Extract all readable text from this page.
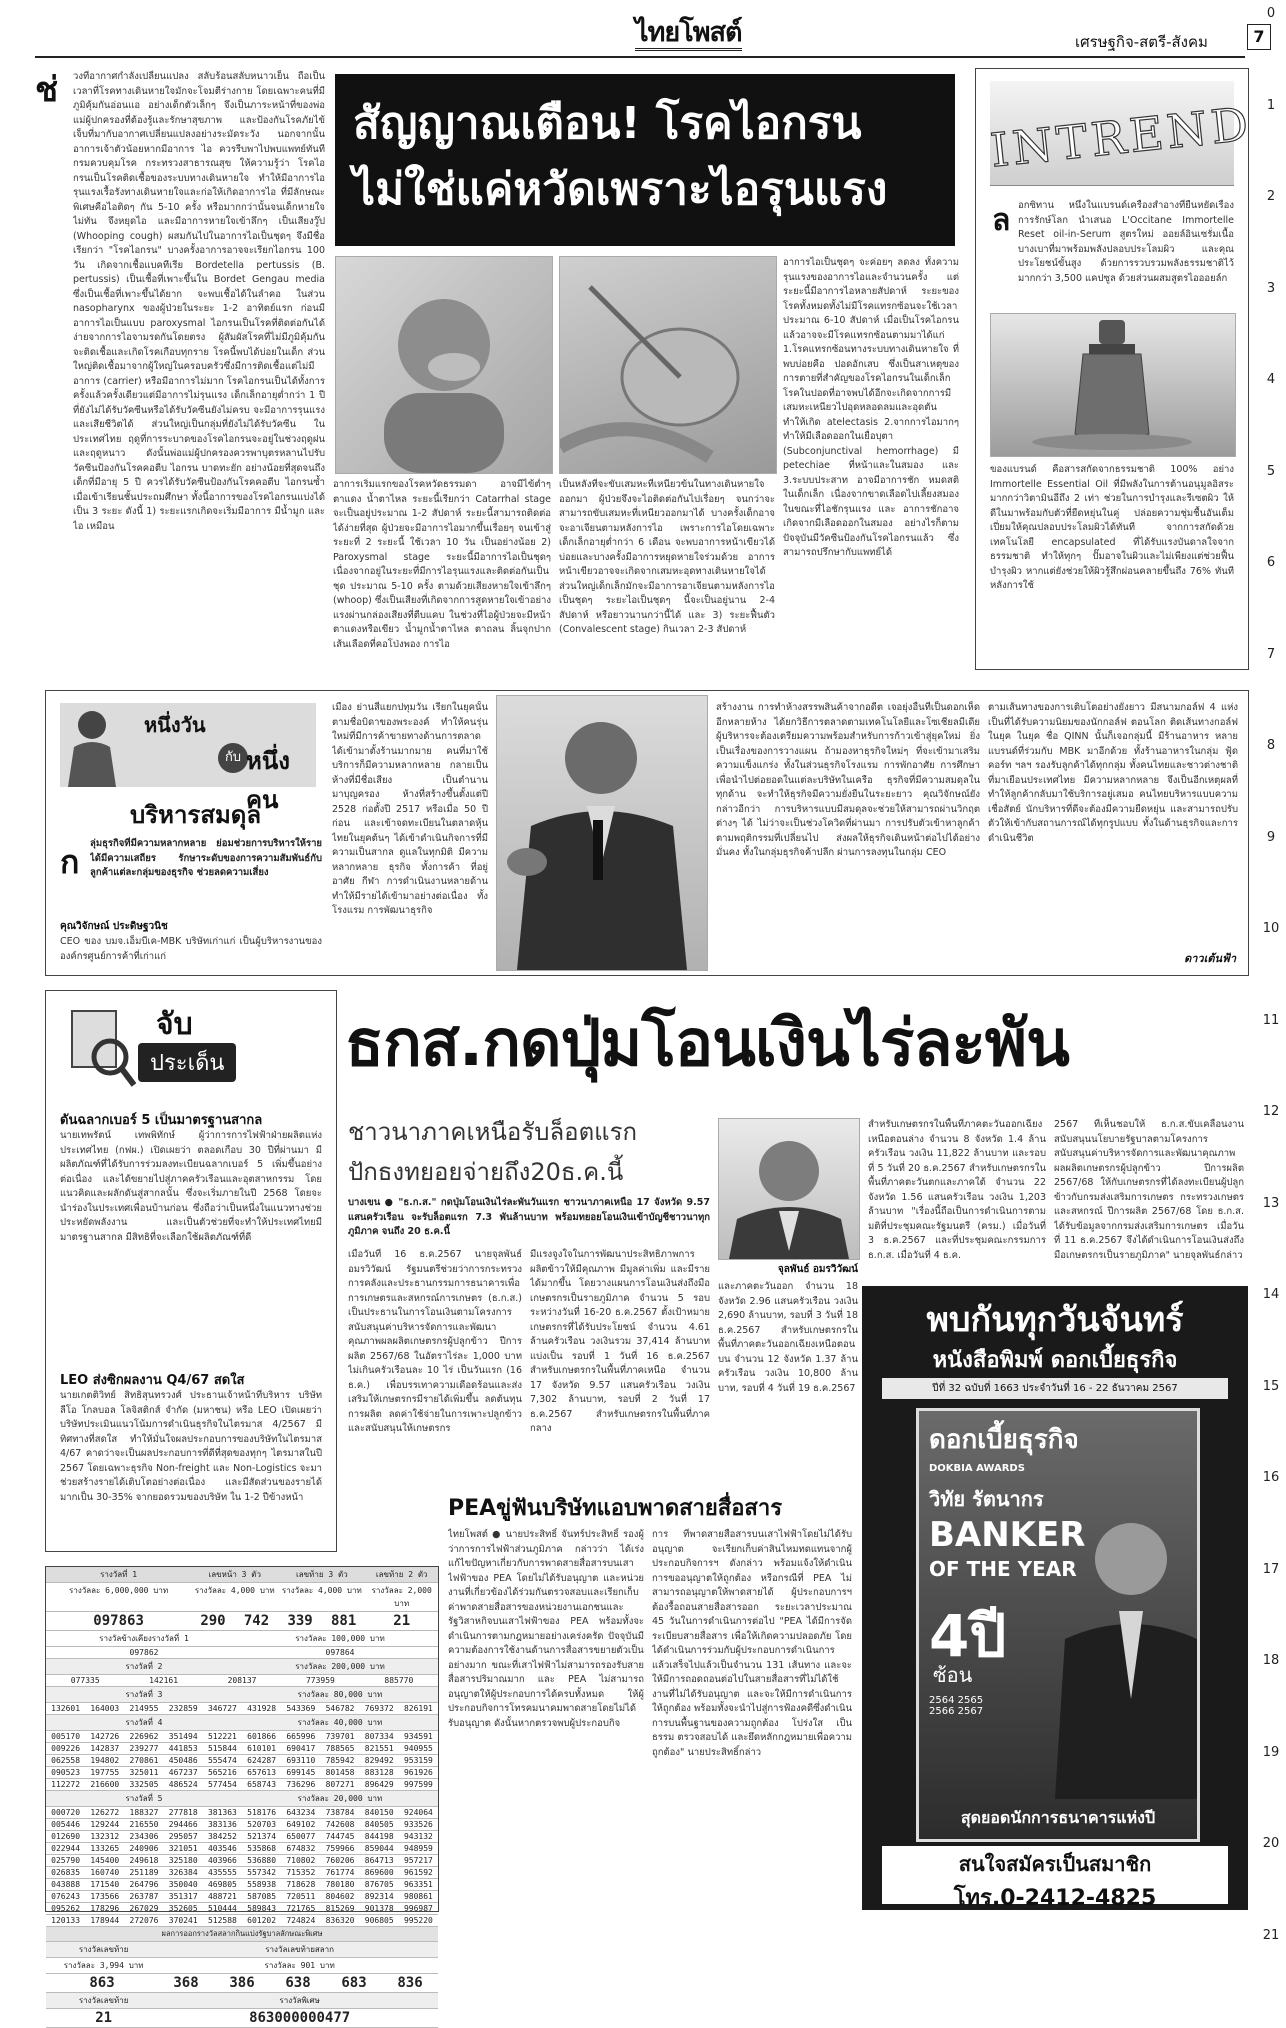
0
1
2
3
4
5
6
7
8
9
10
11
12
13
14
15
16
17
18
19
20
21
ไทยโพสต์	เศรษฐกิจ-สตรี-สังคม	7
สัญญาณเตือน! โรคไอกรน
ไม่ใช่แค่หวัดเพราะไอรุนแรง
ช่ วงที่อากาศกำลังเปลี่ยนแปลง สลับร้อนสลับหนาวเย็น ถือเป็นเวลาที่โรคทางเดินหายใจมักจะโจมตีร่างกาย โดยเฉพาะคนที่มีภูมิคุ้มกันอ่อนแอ อย่างเด็กตัวเล็กๆ จึงเป็นภาระหน้าที่ของพ่อแม่ผู้ปกครองที่ต้องรู้และรักษาสุขภาพ และป้องกันโรคภัยไข้เจ็บที่มากับอากาศเปลี่ยนแปลงอย่างระมัดระวัง นอกจากนั้นอาการเจ้าตัวน้อยหากมีอาการ ไอ ควรรีบพาไปพบแพทย์ทันที กรมควบคุมโรค กระทรวงสาธารณสุข ให้ความรู้ว่า โรคไอกรนเป็นโรคติดเชื้อของระบบทางเดินหายใจ ทำให้มีอาการไอรุนแรงเรื้อรังทางเดินหายใจและก่อให้เกิดอาการไอ ที่มีลักษณะพิเศษคือไอติดๆ กัน 5-10 ครั้ง หรือมากกว่านั้นจนเด็กหายใจไม่ทัน จึงหยุดไอ และมีอาการหายใจเข้าลึกๆ เป็นเสียงวู๊ป (Whooping cough) ผสมกันไปในอาการไอเป็นชุดๆ จึงมีชื่อเรียกว่า "โรคไอกรน" บางครั้งอาการอาจจะเรียกไอกรน 100 วัน เกิดจากเชื้อแบคทีเรีย Bordetella pertussis (B. pertussis) เป็นเชื้อที่เพาะขึ้นใน Bordet Gengau media ซึ่งเป็นเชื้อที่เพาะขึ้นได้ยาก จะพบเชื้อได้ในลำคอ ในส่วน nasopharynx ของผู้ป่วยในระยะ 1-2 อาทิตย์แรก ก่อนมีอาการไอเป็นแบบ paroxysmal ไอกรนเป็นโรคที่ติดต่อกันได้ง่ายจากการไอจามรดกันโดยตรง ผู้สัมผัสโรคที่ไม่มีภูมิคุ้มกันจะติดเชื้อและเกิดโรคเกือบทุกราย โรคนี้พบได้บ่อยในเด็ก ส่วนใหญ่ติดเชื้อมาจากผู้ใหญ่ในครอบครัวซึ่งมีการติดเชื้อแต่ไม่มีอาการ (carrier) หรือมีอาการไม่มาก โรคไอกรนเป็นได้ทั้งการครั้งแล้วครั้งเดียวแต่มีอาการไม่รุนแรง เด็กเล็กอายุต่ำกว่า 1 ปี ที่ยังไม่ได้รับวัคซีนหรือได้รับวัคซีนยังไม่ครบ จะมีอาการรุนแรงและเสียชีวิตได้ ส่วนใหญ่เป็นกลุ่มที่ยังไม่ได้รับวัคซีน ในประเทศไทย ฤดูที่การระบาดของโรคไอกรนจะอยู่ในช่วงฤดูฝนและฤดูหนาว ดังนั้นพ่อแม่ผู้ปกครองควรพาบุตรหลานไปรับวัคซีนป้องกันโรคคอตีบ ไอกรน บาดทะยัก อย่างน้อยที่สุดจนถึงเด็กที่มีอายุ 5 ปี ควรได้รับวัคซีนป้องกันโรคคอตีบ ไอกรนซ้ำเมื่อเข้าเรียนชั้นประถมศึกษา ทั้งนี้อาการของโรคไอกรนแบ่งได้เป็น 3 ระยะ ดังนี้ 1) ระยะแรกเกิดจะเริ่มมีอาการ มีน้ำมูก และไอ เหมือน
อาการเริ่มแรกของโรคหวัดธรรมดา อาจมีไข้ต่ำๆ ตาแดง น้ำตาไหล ระยะนี้เรียกว่า Catarrhal stage จะเป็นอยู่ประมาณ 1-2 สัปดาห์ ระยะนี้สามารถติดต่อได้ง่ายที่สุด ผู้ป่วยจะมีอาการไอมากขึ้นเรื่อยๆ จนเข้าสู่ระยะที่ 2 ระยะนี้ ใช้เวลา 10 วัน เป็นอย่างน้อย 2) Paroxysmal stage ระยะนี้มีอาการไอเป็นชุดๆ เนื่องจากอยู่ในระยะที่มีการไอรุนแรงและติดต่อกันเป็นชุด ประมาณ 5-10 ครั้ง ตามด้วยเสียงหายใจเข้าลึกๆ (whoop) ซึ่งเป็นเสียงที่เกิดจากการสูดหายใจเข้าอย่างแรงผ่านกล่องเสียงที่ตีบแคบ ในช่วงที่ไอผู้ป่วยจะมีหน้าตาแดงหรือเขียว น้ำมูกน้ำตาไหล ตาถลน ลิ้นจุกปาก เส้นเลือดที่คอโป่งพอง การไอ
เป็นหลังที่จะขับเสมหะที่เหนียวข้นในทางเดินหายใจออกมา ผู้ป่วยจึงจะไอติดต่อกันไปเรื่อยๆ จนกว่าจะสามารถขับเสมหะที่เหนียวออกมาได้ บางครั้งเด็กอาจจะอาเจียนตามหลังการไอ เพราะการไอโดยเฉพาะเด็กเล็กอายุต่ำกว่า 6 เดือน จะพบอาการหน้าเขียวได้บ่อยและบางครั้งมีอาการหยุดหายใจร่วมด้วย อาการหน้าเขียวอาจจะเกิดจากเสมหะอุดทางเดินหายใจได้ ส่วนใหญ่เด็กเล็กมักจะมีอาการอาเจียนตามหลังการไอเป็นชุดๆ ระยะไอเป็นชุดๆ นี้จะเป็นอยู่นาน 2-4 สัปดาห์ หรือยาวนานกว่านี้ได้ และ 3) ระยะฟื้นตัว (Convalescent stage) กินเวลา 2-3 สัปดาห์
อาการไอเป็นชุดๆ จะค่อยๆ ลดลง ทั้งความรุนแรงของอาการไอและจำนวนครั้ง แต่ระยะนี้มีอาการไอหลายสัปดาห์ ระยะของโรคทั้งหมดทั้งไม่มีโรคแทรกซ้อนจะใช้เวลาประมาณ 6-10 สัปดาห์ เมื่อเป็นโรคไอกรนแล้วอาจจะมีโรคแทรกซ้อนตามมาได้แก่ 1.โรคแทรกซ้อนทางระบบทางเดินหายใจ ที่พบบ่อยคือ ปอดอักเสบ ซึ่งเป็นสาเหตุของการตายที่สำคัญของโรคไอกรนในเด็กเล็ก โรคในปอดที่อาจพบได้อีกจะเกิดจากการมีเสมหะเหนียวไปอุดหลอดลมและอุดตัน ทำให้เกิด atelectasis 2.จากการไอมากๆ ทำให้มีเลือดออกในเยื่อบุตา (Subconjunctival hemorrhage) มี petechiae ที่หน้าและในสมอง และ 3.ระบบประสาท อาจมีอาการชัก หมดสติ ในเด็กเล็ก เนื่องจากขาดเลือดไปเลี้ยงสมองในขณะที่ไอชักรุนแรง และ อาการชักอาจเกิดจากมีเลือดออกในสมอง อย่างไรก็ตาม ปัจจุบันมีวัคซีนป้องกันโรคไอกรนแล้ว ซึ่งสามารถปรึกษากับแพทย์ได้
INTREND
ล อกซิทาน หนึ่งในแบรนด์เครื่องสำอางที่ยืนหยัดเรื่องการรักษ์โลก นำเสนอ L'Occitane Immortelle Reset oil-in-Serum สูตรใหม่ ออยล์อินเซรั่มเนื้อบางเบาที่มาพร้อมพลังปลอบประโลมผิว และคุณประโยชน์ขั้นสูง ด้วยการรวบรวมพลังธรรมชาติไว้มากกว่า 3,500 แคปซูล ด้วยส่วนผสมสูตรไอออยล์ก
ของแบรนด์ คือสารสกัดจากธรรมชาติ 100% อย่าง Immortelle Essential Oil ที่มีพลังในการต้านอนุมูลอิสระมากกว่าวิตามินอีถึง 2 เท่า ช่วยในการบำรุงและรีเซตผิว ให้ดีในมาพร้อมกับตัวที่ยืดหยุ่นในคู่ ปล่อยความชุ่มชื้นอันเต็มเปี่ยมให้คุณปลอบประโลมผิวได้ทันที จากการสกัดด้วยเทคโนโลยี encapsulated ที่ได้รับแรงบันดาลใจจากธรรมชาติ ทำให้ทุกๆ ปั๊มอาจในผิวและไม่เพียงแต่ช่วยฟื้นบำรุงผิว หากแต่ยังช่วยให้ผิวรู้สึกผ่อนคลายขึ้นถึง 76% ทันทีหลังการใช้
หนึ่งวัน
กับ หนึ่งคน
บริหารสมดุล
ก ลุ่มธุรกิจที่มีความหลากหลาย ย่อมช่วยการบริหารให้รายได้มีความเสถียร รักษาระดับของการความสัมพันธ์กับลูกค้าแต่ละกลุ่มของธุรกิจ ช่วยลดความเสี่ยง
คุณวิจักษณ์ ประดิษฐวนิช
CEO ของ บมจ.เอ็มบีเค-MBK บริษัทเก่าแก่ เป็นผู้บริหารงานขององค์กรศูนย์การค้าที่เก่าแก่
เมือง ย่านสี่แยกปทุมวัน เรียกในยุคนั้นตามชื่อบิดาของพระองค์ ทำให้คนรุ่นใหม่ที่มีการค้าขายทางด้านการตลาด ได้เข้ามาตั้งร้านมากมาย คนที่มาใช้บริการก็มีความหลากหลาย กลายเป็นห้างที่มีชื่อเสียง เป็นตำนาน มาบุญครอง ห้างที่สร้างขึ้นตั้งแต่ปี 2528 ก่อตั้งปี 2517 หรือเมื่อ 50 ปีก่อน และเข้าจดทะเบียนในตลาดหุ้นไทยในยุคต้นๆ ได้เข้าดำเนินกิจการที่มีความเป็นสากล ดูแลในทุกมิติ มีความหลากหลาย ธุรกิจ ทั้งการค้า ที่อยู่อาศัย กีฬา การดำเนินงานหลายด้าน ทำให้มีรายได้เข้ามาอย่างต่อเนื่อง ทั้งโรงแรม การพัฒนาธุรกิจ
สร้างงาน การทำห้างสรรพสินค้าจากอดีต เจอยุ่งอื่นที่เป็นดอกเห็ดอีกหลายห้าง ได้ยกวิธีการตลาดตามเทคโนโลยีและโซเชียลมีเดีย ผู้บริหารจะต้องเตรียมความพร้อมสำหรับการก้าวเข้าสู่ยุคใหม่ ยิ่งเป็นเรื่องของการวางแผน ถ้ามองหาธุรกิจใหม่ๆ ที่จะเข้ามาเสริมความแข็งแกร่ง ทั้งในส่วนธุรกิจโรงแรม การพักอาศัย การศึกษา เพื่อนำไปต่อยอดในแต่ละบริษัทในเครือ ธุรกิจที่มีความสมดุลในทุกด้าน จะทำให้ธุรกิจมีความยั่งยืนในระยะยาว คุณวิจักษณ์ยังกล่าวอีกว่า การบริหารแบบมีสมดุลจะช่วยให้สามารถผ่านวิกฤตต่างๆ ได้ ไม่ว่าจะเป็นช่วงโควิดที่ผ่านมา การปรับตัวเข้าหาลูกค้า ตามพฤติกรรมที่เปลี่ยนไป ส่งผลให้ธุรกิจเดินหน้าต่อไปได้อย่างมั่นคง ทั้งในกลุ่มธุรกิจค้าปลีก ผ่านการลงทุนในกลุ่ม CEO
ตามเส้นทางของการเติบโตอย่างยั่งยาว มีสนามกอล์ฟ 4 แห่ง เป็นที่ได้รับความนิยมของนักกอล์ฟ ตอนโลก ติดเส้นทางกอล์ฟในยุค ในยุค ชื่อ QINN นั้นก็เจอกลุ่มนี้ มีร้านอาหาร หลายแบรนด์ที่ร่วมกับ MBK มาอีกด้วย ทั้งร้านอาหารในกลุ่ม ฟู้ดคอร์ท ฯลฯ รองรับลูกค้าได้ทุกกลุ่ม ทั้งคนไทยและชาวต่างชาติ ที่มาเยือนประเทศไทย มีความหลากหลาย จึงเป็นอีกเหตุผลที่ทำให้ลูกค้ากลับมาใช้บริการอยู่เสมอ คนไทยบริหารแบบความเชื่อสัตย์ นักบริหารที่ดีจะต้องมีความยืดหยุ่น และสามารถปรับตัวให้เข้ากับสถานการณ์ได้ทุกรูปแบบ ทั้งในด้านธุรกิจและการดำเนินชีวิต
ดาวเต้นฟ้า
จับ
ประเด็น
ดันฉลากเบอร์ 5 เป็นมาตรฐานสากล
นายเทพรัตน์ เทพพิทักษ์ ผู้ว่าการการไฟฟ้าฝ่ายผลิตแห่งประเทศไทย (กฟผ.) เปิดเผยว่า ตลอดเกือบ 30 ปีที่ผ่านมา มีผลิตภัณฑ์ที่ได้รับการร่วมลงทะเบียนฉลากเบอร์ 5 เพิ่มขึ้นอย่างต่อเนื่อง และได้ขยายไปสู่ภาคครัวเรือนและอุตสาหกรรม โดยแนวคิดและผลักดันสู่สากลนั้น ซึ่งจะเริ่มภายในปี 2568 โดยจะนำร่องในประเทศเพื่อนบ้านก่อน ซึ่งถือว่าเป็นหนึ่งในแนวทางช่วยประหยัดพลังงาน และเป็นตัวช่วยที่จะทำให้ประเทศไทยมีมาตรฐานสากล มีสิทธิที่จะเลือกใช้ผลิตภัณฑ์ที่ดี
LEO ส่งซิกผลงาน Q4/67 สดใส
นายเกตติวิทย์ สิทธิสุนทรวงศ์ ประธานเจ้าหน้าที่บริหาร บริษัท ลีโอ โกลบอล โลจิสติกส์ จำกัด (มหาชน) หรือ LEO เปิดเผยว่า บริษัทประเมินแนวโน้มการดำเนินธุรกิจในไตรมาส 4/2567 มีทิศทางที่สดใส ทำให้มั่นใจผลประกอบการของบริษัทในไตรมาส 4/67 คาดว่าจะเป็นผลประกอบการที่ดีที่สุดของทุกๆ ไตรมาสในปี 2567 โดยเฉพาะธุรกิจ Non-freight และ Non-Logistics จะมาช่วยสร้างรายได้เติบโตอย่างต่อเนื่อง และมีสัดส่วนของรายได้มากเป็น 30-35% จากยอดรวมของบริษัท ใน 1-2 ปีข้างหน้า
ธกส.กดปุ่มโอนเงินไร่ละพัน
ชาวนาภาคเหนือรับล็อตแรก
ปักธงทยอยจ่ายถึง20ธ.ค.นี้
บางเขน ● "ธ.ก.ส." กดปุ่มโอนเงินไร่ละพันวันแรก ชาวนาภาคเหนือ 17 จังหวัด 9.57 แสนครัวเรือน จะรับล็อตแรก 7.3 พันล้านบาท พร้อมทยอยโอนเงินเข้าบัญชีชาวนาทุกภูมิภาค จนถึง 20 ธ.ค.นี้
เมื่อวันที่ 16 ธ.ค.2567 นายจุลพันธ์ อมรวิวัฒน์ รัฐมนตรีช่วยว่าการกระทรวงการคลังและประธานกรรมการธนาคารเพื่อการเกษตรและสหกรณ์การเกษตร (ธ.ก.ส.) เป็นประธานในการโอนเงินตามโครงการสนับสนุนค่าบริหารจัดการและพัฒนาคุณภาพผลผลิตเกษตรกรผู้ปลูกข้าว ปีการผลิต 2567/68 ในอัตราไร่ละ 1,000 บาท ไม่เกินครัวเรือนละ 10 ไร่ เป็นวันแรก (16 ธ.ค.) เพื่อบรรเทาความเดือดร้อนและส่งเสริมให้เกษตรกรมีรายได้เพิ่มขึ้น ลดต้นทุนการผลิต ลดค่าใช้จ่ายในการเพาะปลูกข้าว และสนับสนุนให้เกษตรกร
มีแรงจูงใจในการพัฒนาประสิทธิภาพการผลิตข้าวให้มีคุณภาพ มีมูลค่าเพิ่ม และมีรายได้มากขึ้น โดยวางแผนการโอนเงินส่งถึงมือเกษตรกรเป็นรายภูมิภาค จำนวน 5 รอบ ระหว่างวันที่ 16-20 ธ.ค.2567 ตั้งเป้าหมายเกษตรกรที่ได้รับประโยชน์ จำนวน 4.61 ล้านครัวเรือน วงเงินรวม 37,414 ล้านบาท แบ่งเป็น รอบที่ 1 วันที่ 16 ธ.ค.2567 สำหรับเกษตรกรในพื้นที่ภาคเหนือ จำนวน 17 จังหวัด 9.57 แสนครัวเรือน วงเงิน 7,302 ล้านบาท, รอบที่ 2 วันที่ 17 ธ.ค.2567 สำหรับเกษตรกรในพื้นที่ภาคกลาง
จุลพันธ์ อมรวิวัฒน์
และภาคตะวันออก จำนวน 18 จังหวัด 2.96 แสนครัวเรือน วงเงิน 2,690 ล้านบาท, รอบที่ 3 วันที่ 18 ธ.ค.2567 สำหรับเกษตรกรในพื้นที่ภาคตะวันออกเฉียงเหนือตอนบน จำนวน 12 จังหวัด 1.37 ล้านครัวเรือน วงเงิน 10,800 ล้านบาท, รอบที่ 4 วันที่ 19 ธ.ค.2567
สำหรับเกษตรกรในพื้นที่ภาคตะวันออกเฉียงเหนือตอนล่าง จำนวน 8 จังหวัด 1.4 ล้านครัวเรือน วงเงิน 11,822 ล้านบาท และรอบที่ 5 วันที่ 20 ธ.ค.2567 สำหรับเกษตรกรในพื้นที่ภาคตะวันตกและภาคใต้ จำนวน 22 จังหวัด 1.56 แสนครัวเรือน วงเงิน 1,203 ล้านบาท "เรื่องนี้ถือเป็นการดำเนินการตามมติที่ประชุมคณะรัฐมนตรี (ครม.) เมื่อวันที่ 3 ธ.ค.2567 และที่ประชุมคณะกรรมการ ธ.ก.ส. เมื่อวันที่ 4 ธ.ค.
2567 ที่เห็นชอบให้ ธ.ก.ส.ขับเคลื่อนงานสนับสนุนนโยบายรัฐบาลตามโครงการสนับสนุนค่าบริหารจัดการและพัฒนาคุณภาพผลผลิตเกษตรกรผู้ปลูกข้าว ปีการผลิต 2567/68 ให้กับเกษตรกรที่ได้ลงทะเบียนผู้ปลูกข้าวกับกรมส่งเสริมการเกษตร กระทรวงเกษตรและสหกรณ์ ปีการผลิต 2567/68 โดย ธ.ก.ส. ได้รับข้อมูลจากกรมส่งเสริมการเกษตร เมื่อวันที่ 11 ธ.ค.2567 จึงได้ดำเนินการโอนเงินส่งถึงมือเกษตรกรเป็นรายภูมิภาค" นายจุลพันธ์กล่าว
พบกันทุกวันจันทร์
หนังสือพิมพ์ ดอกเบี้ยธุรกิจ
ปีที่ 32 ฉบับที่ 1663 ประจำวันที่ 16 - 22 ธันวาคม 2567
ดอกเบี้ยธุรกิจ
DOKBIA AWARDS
วิทัย รัตนากร
BANKER
OF THE YEAR
4ปี
ซ้อน
2564 2565 2566 2567
สุดยอดนักการธนาคารแห่งปี
สนใจสมัครเป็นสมาชิก
โทร.0-2412-4825
PEAขู่ฟันบริษัทแอบพาดสายสื่อสาร
ไทยโพสต์ ● นายประสิทธิ์ จันทร์ประสิทธิ์ รองผู้ว่าการการไฟฟ้าส่วนภูมิภาค กล่าวว่า ได้เร่งแก้ไขปัญหาเกี่ยวกับการพาดสายสื่อสารบนเสาไฟฟ้าของ PEA โดยไม่ได้รับอนุญาต และหน่วยงานที่เกี่ยวข้องได้ร่วมกันตรวจสอบและเรียกเก็บค่าพาดสายสื่อสารของหน่วยงานเอกชนและรัฐวิสาหกิจบนเสาไฟฟ้าของ PEA พร้อมทั้งจะดำเนินการตามกฎหมายอย่างเคร่งครัด ปัจจุบันมีความต้องการใช้งานด้านการสื่อสารขยายตัวเป็นอย่างมาก ขณะที่เสาไฟฟ้าไม่สามารถรองรับสายสื่อสารปริมาณมาก และ PEA ไม่สามารถอนุญาตให้ผู้ประกอบการได้ครบทั้งหมด ให้ผู้ประกอบกิจการโทรคมนาคมพาดสายโดยไม่ได้รับอนุญาต ดังนั้นหากตรวจพบผู้ประกอบกิจ
การ ที่พาดสายสื่อสารบนเสาไฟฟ้าโดยไม่ได้รับอนุญาต จะเรียกเก็บค่าสินไหมทดแทนจากผู้ประกอบกิจการฯ ดังกล่าว พร้อมแจ้งให้ดำเนินการขออนุญาตให้ถูกต้อง หรือกรณีที่ PEA ไม่สามารถอนุญาตให้พาดสายได้ ผู้ประกอบการฯ ต้องรื้อถอนสายสื่อสารออก ระยะเวลาประมาณ 45 วันในการดำเนินการต่อไป "PEA ได้มีการจัดระเบียบสายสื่อสาร เพื่อให้เกิดความปลอดภัย โดยได้ดำเนินการร่วมกับผู้ประกอบการดำเนินการแล้วเสร็จไปแล้วเป็นจำนวน 131 เส้นทาง และจะให้มีการถอดถอนต่อไปในสายสื่อสารที่ไม่ได้ใช้งานที่ไม่ได้รับอนุญาต และจะให้มีการดำเนินการให้ถูกต้อง พร้อมทั้งจะนำไปสู่การฟ้องคดีซึ่งดำเนินการบนพื้นฐานของความถูกต้อง โปร่งใส เป็นธรรม ตรวจสอบได้ และยึดหลักกฎหมายเพื่อความถูกต้อง" นายประสิทธิ์กล่าว
รางวัลที่ 1	เลขหน้า 3 ตัว	เลขท้าย 3 ตัว	เลขท้าย 2 ตัว
รางวัลละ 6,000,000 บาท	รางวัลละ 4,000 บาท รางวัลละ 4,000 บาท	รางวัลละ 2,000 บาท
097863	290	742	339	881	21
รางวัลข้างเคียงรางวัลที่ 1	รางวัลละ 100,000 บาท
097862	097864
รางวัลที่ 2	รางวัลละ 200,000 บาท
077335	142161	208137	773959	885770
รางวัลที่ 3	รางวัลละ 80,000 บาท
132601	164003	214955	232859	346727	431928	543369	546782	769372	826191
รางวัลที่ 4	รางวัลละ 40,000 บาท
005170	142726	226962	351494	512221	601866	665996	739701	807334	934591
009226	142837	239277	441853	515844	610101	690417	788565	821551	940955
062558	194802	270861	450486	555474	624287	693110	785942	829492	953159
090523	197755	325011	467237	565216	657613	699145	801458	883128	961926
112272	216600	332505	486524	577454	658743	736296	807271	896429	997599
รางวัลที่ 5	รางวัลละ 20,000 บาท
000720	126272	188327	277818	381363	518176	643234	738784	840150	924064
005446	129244	216550	294466	383136	520703	649102	742608	840505	933526
012690	132312	234306	295057	384252	521374	650077	744745	844198	943132
022944	133265	240906	321051	403546	535868	674832	759966	859044	948959
025790	145400	249618	325180	403966	536880	710802	760206	864713	957217
026835	160740	251189	326384	435555	557342	715352	761774	869600	961592
043888	171540	264796	350040	469805	558938	718628	780180	876705	963351
076243	173566	263787	351317	488721	587085	720511	804602	892314	980861
095262	178296	267029	352605	510444	589843	721765	815269	901378	996987
120133	178944	272076	370241	512588	601202	724824	836320	906805	995220
ผลการออกรางวัลสลากกินแบ่งรัฐบาลลักษณะพิเศษ
รางวัลเลขท้าย	รางวัลเลขท้ายสลาก
รางวัลละ 3,994 บาท	รางวัลละ 901 บาท
863	368	386	638	683	836
รางวัลเลขท้าย	รางวัลพิเศษ
21	863000000477
